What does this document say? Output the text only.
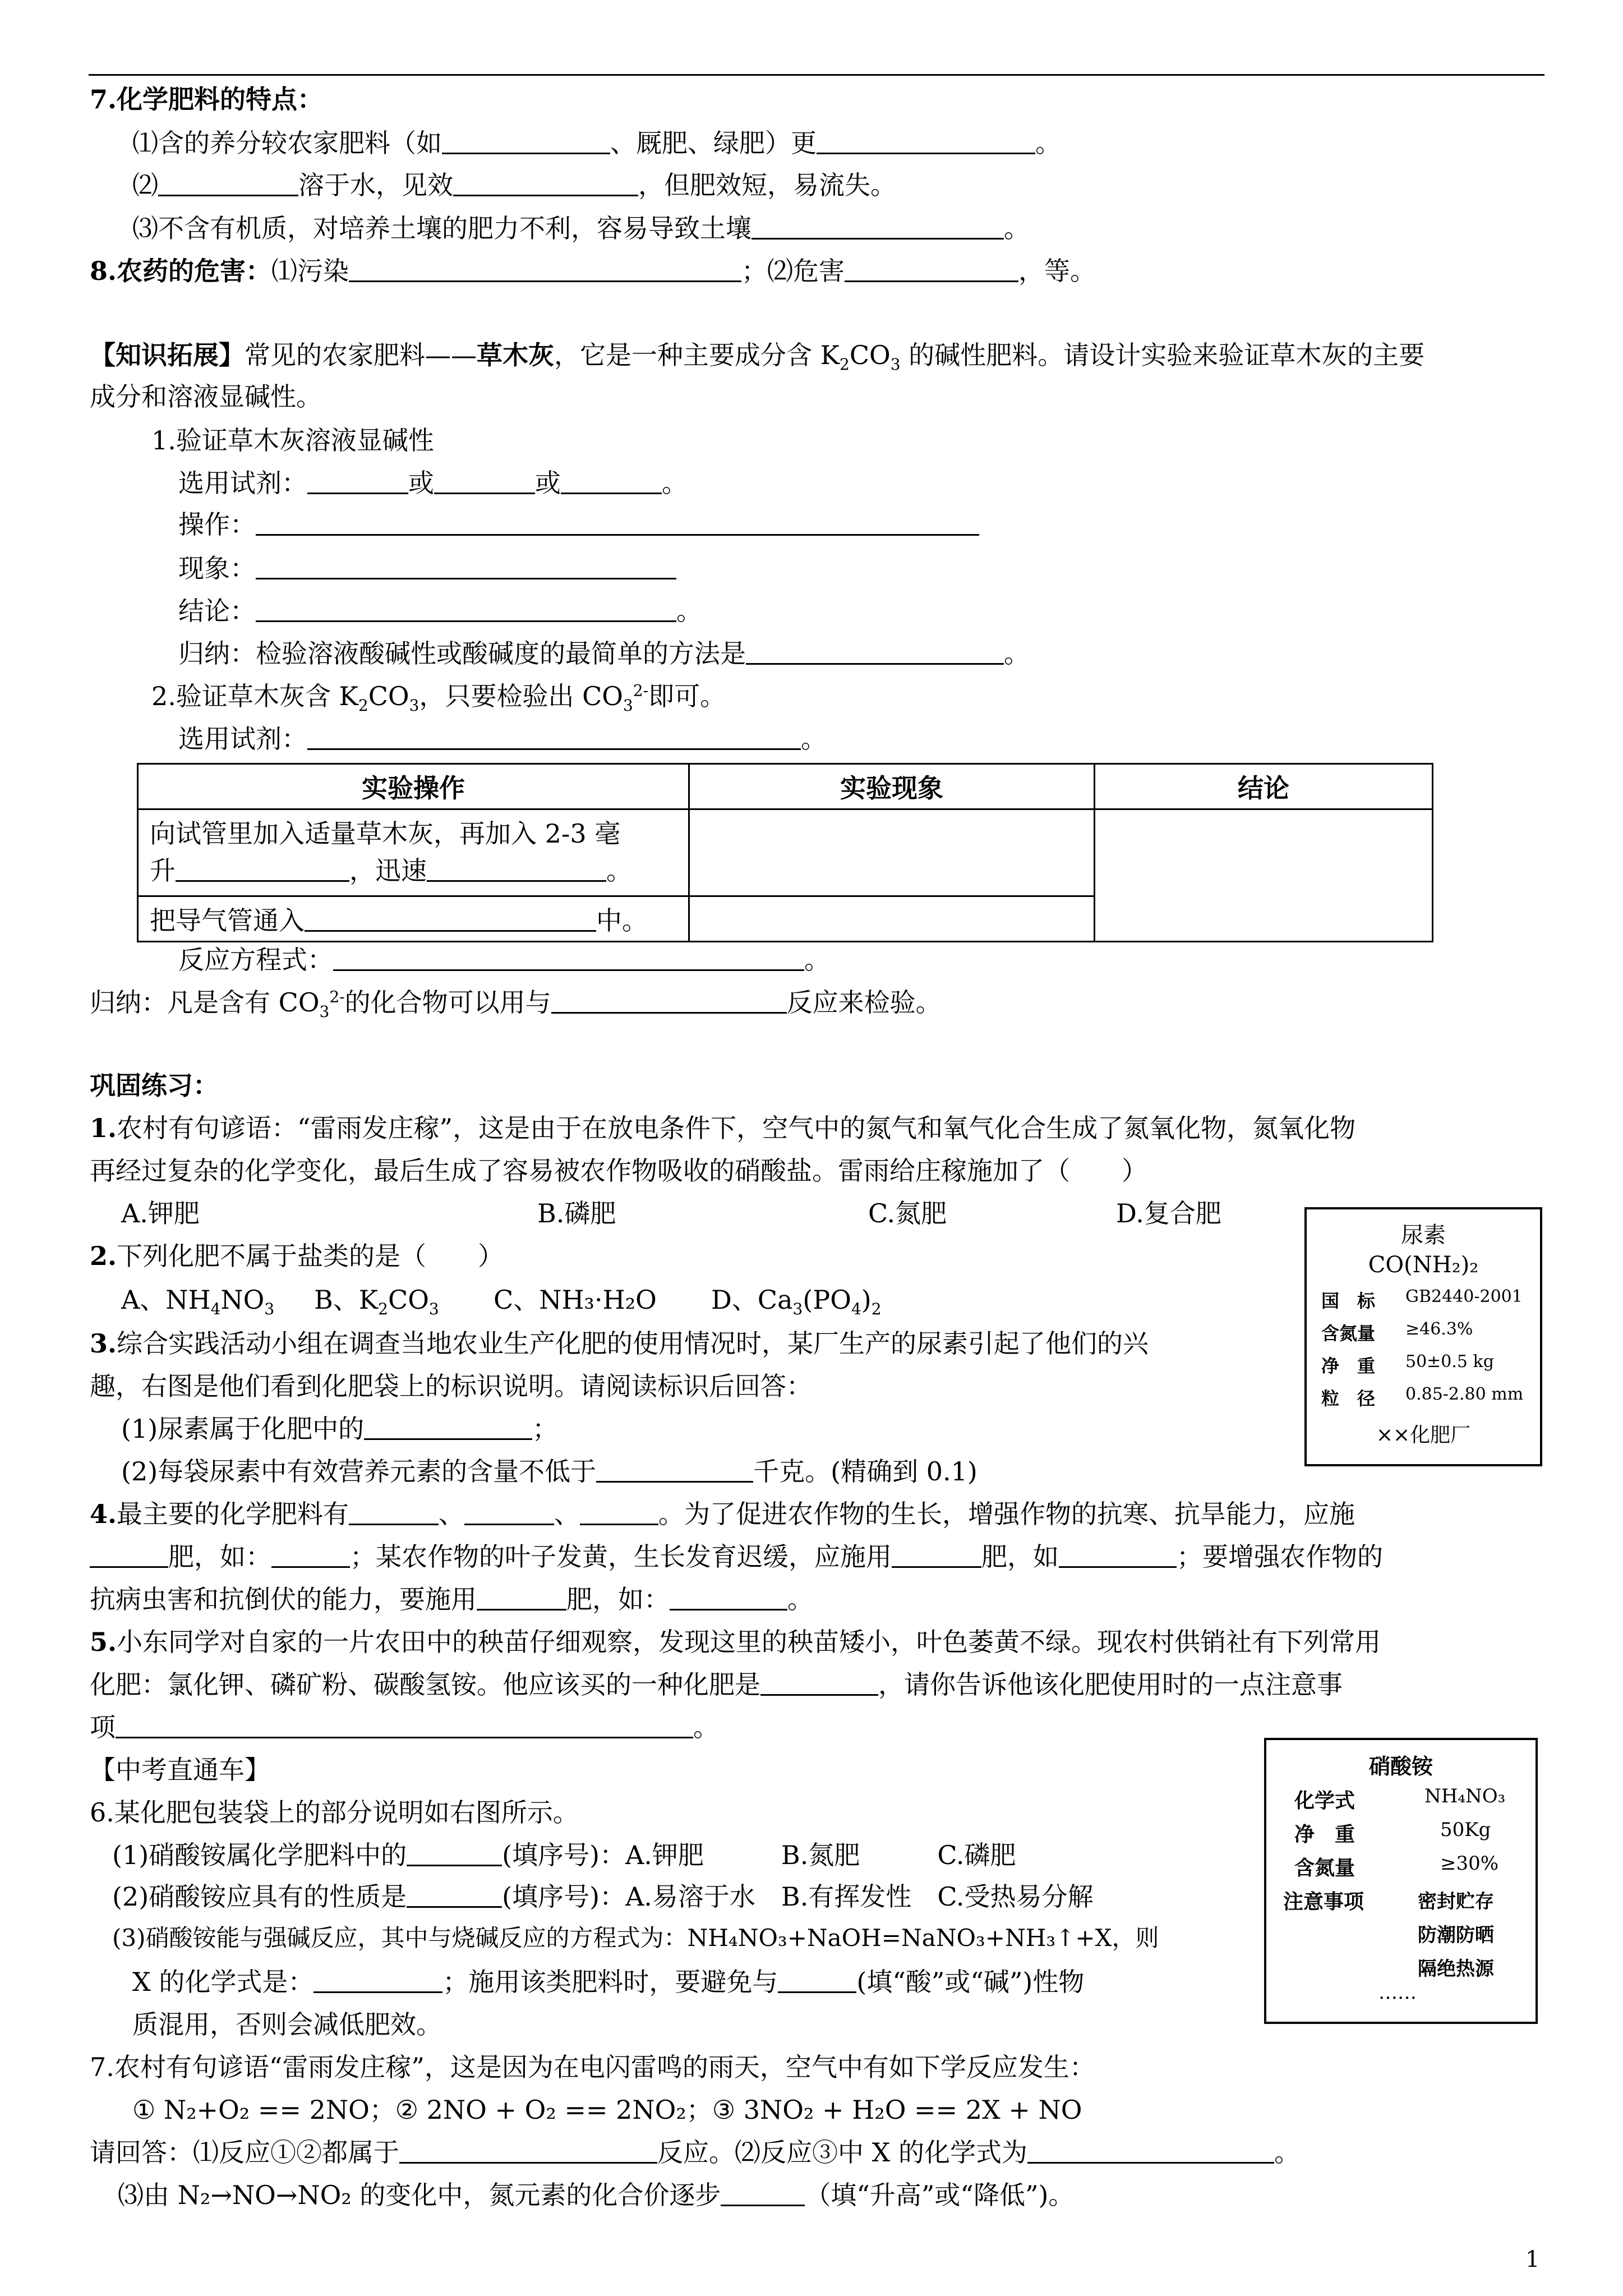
7.化学肥料的特点：
⑴含的养分较农家肥料（如	、厩肥、绿肥）更	。
⑵	溶于水，见效	，但肥效短，易流失。
⑶不含有机质，对培养土壤的肥力不利，容易导致土壤	。
8.农药的危害：⑴污染	；⑵危害	，等。
【知识拓展】常见的农家肥料——草木灰，它是一种主要成分含 $K_2CO_3$ 的碱性肥料。请设计实验来验证草木灰的主要
成分和溶液显碱性。
1.验证草木灰溶液显碱性
选用试剂：	或	或	。
操作：
现象：
结论：	。
归纳：检验溶液酸碱性或酸碱度的最简单的方法是	。
2.验证草木灰含 $K_2CO_3$，只要检验出 $CO_3^{2-}$即可。
选用试剂：	。
实验操作	实验现象	结论

向试管里加入适量草木灰，再加入 2-3 毫
升 ，迅速 。		

把导气管通入 中。		
反应方程式：	。
归纳：凡是含有 $CO_3^{2-}$的化合物可以用与	反应来检验。
巩固练习：
1.农村有句谚语：“雷雨发庄稼”，这是由于在放电条件下，空气中的氮气和氧气化合生成了氮氧化物，氮氧化物
再经过复杂的化学变化，最后生成了容易被农作物吸收的硝酸盐。雷雨给庄稼施加了（　　）
A.钾肥	B.磷肥	C.氮肥	D.复合肥
2.下列化肥不属于盐类的是（　　）
A、$NH_4NO_3$ B、$K_2CO_3$ C、NH₃·H₂O D、$Ca_3(PO_4)_2$
3.综合实践活动小组在调查当地农业生产化肥的使用情况时，某厂生产的尿素引起了他们的兴
趣，右图是他们看到化肥袋上的标识说明。请阅读标识后回答：
(1)尿素属于化肥中的	；
(2)每袋尿素中有效营养元素的含量不低于	千克。(精确到 0.1)
尿素
CO(NH₂)₂
国　标 GB2440-2001
含氮量 ≥46.3%
净　重 50±0.5 kg
粒　径 0.85-2.80 mm
××化肥厂
4.最主要的化学肥料有	、	、	。为了促进农作物的生长，增强作物的抗寒、抗旱能力，应施
肥，如：	；某农作物的叶子发黄，生长发育迟缓，应施用	肥，如	；要增强农作物的
抗病虫害和抗倒伏的能力，要施用	肥，如：	。
5.小东同学对自家的一片农田中的秧苗仔细观察，发现这里的秧苗矮小，叶色萎黄不绿。现农村供销社有下列常用
化肥：氯化钾、磷矿粉、碳酸氢铵。他应该买的一种化肥是	，请你告诉他该化肥使用时的一点注意事
项	。
【中考直通车】
6.某化肥包装袋上的部分说明如右图所示。
(1)硝酸铵属化学肥料中的	(填序号)：A.钾肥　　　B.氮肥　　　C.磷肥
(2)硝酸铵应具有的性质是	(填序号)：A.易溶于水　B.有挥发性　C.受热易分解
(3)硝酸铵能与强碱反应，其中与烧碱反应的方程式为：NH₄NO₃+NaOH=NaNO₃+NH₃↑+X，则
X 的化学式是：	；施用该类肥料时，要避免与	(填“酸”或“碱”)性物
质混用，否则会减低肥效。
硝酸铵
化学式	NH₄NO₃
净　重	50Kg
含氮量	≥30%
注意事项	密封贮存
防潮防晒
隔绝热源
……
7.农村有句谚语“雷雨发庄稼”，这是因为在电闪雷鸣的雨天，空气中有如下学反应发生：
① N₂+O₂ == 2NO；② 2NO + O₂ == 2NO₂；③ 3NO₂ + H₂O == 2X + NO
请回答：⑴反应①②都属于	反应。⑵反应③中 X 的化学式为	。
⑶由 N₂→NO→NO₂ 的变化中，氮元素的化合价逐步	（填“升高”或“降低”)。
1
